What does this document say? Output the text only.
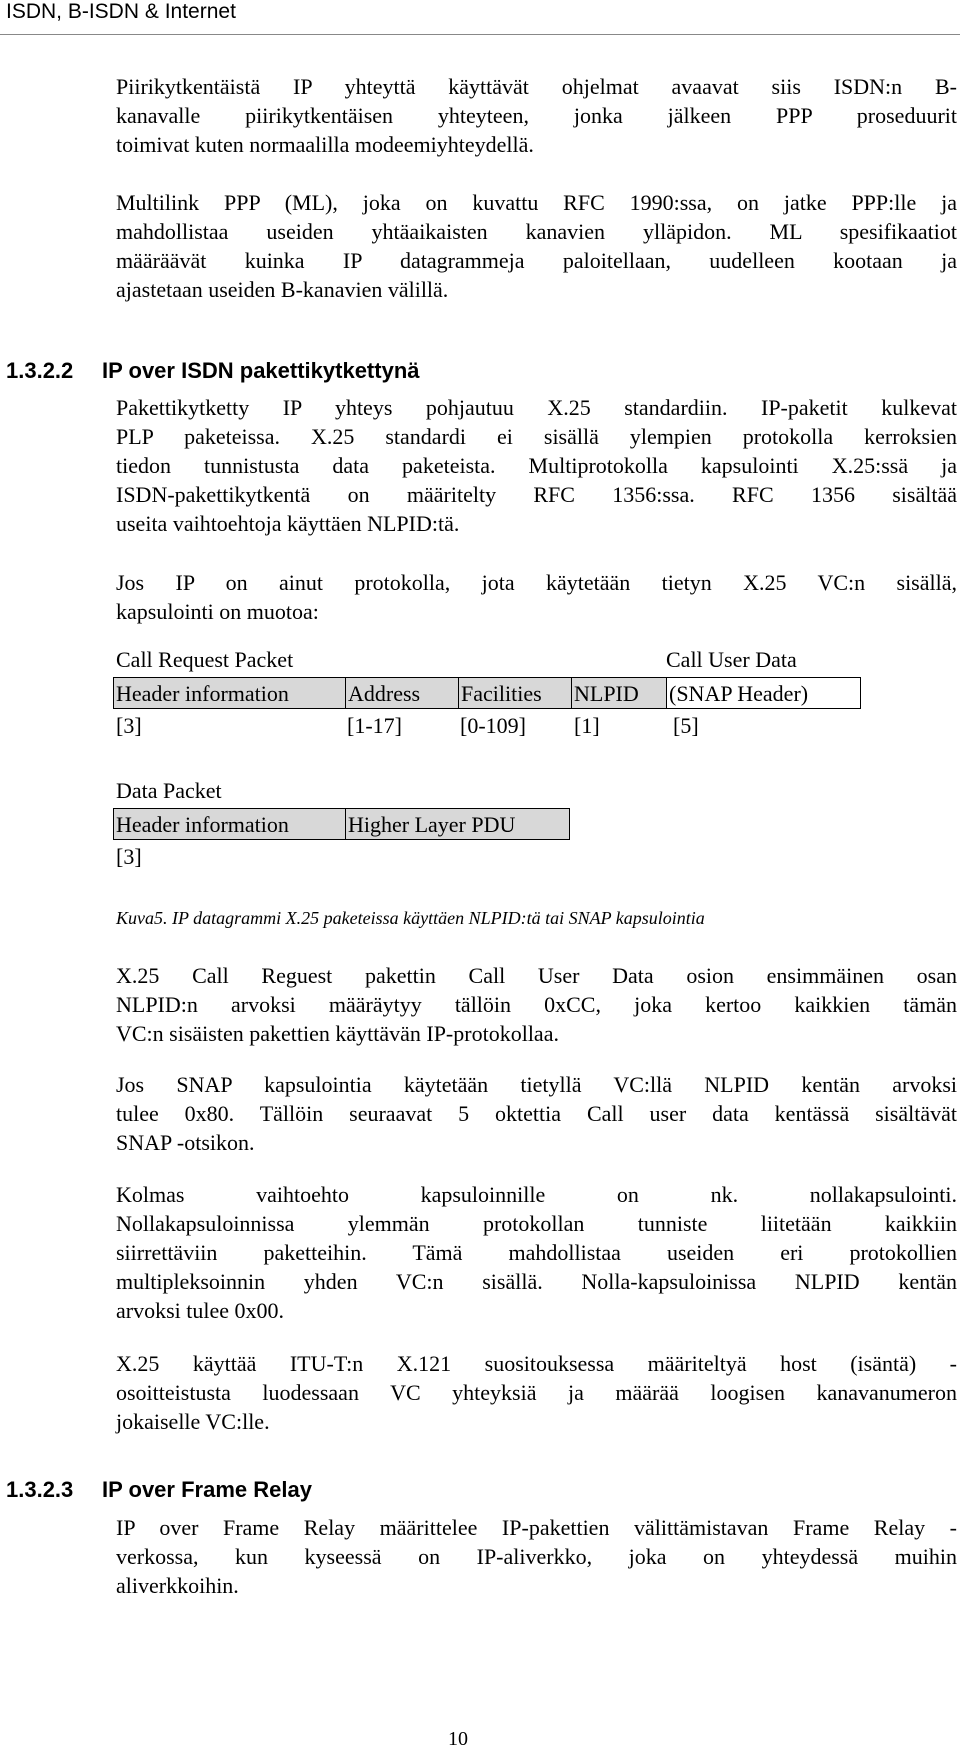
ISDN, B-ISDN & Internet
Piirikytkentäistä IP yhteyttä käyttävät ohjelmat avaavat siis ISDN:n B-
kanavalle piirikytkentäisen yhteyteen, jonka jälkeen PPP proseduurit
toimivat kuten normaalilla modeemiyhteydellä.
Multilink PPP (ML), joka on kuvattu RFC 1990:ssa, on jatke PPP:lle ja
mahdollistaa useiden yhtäaikaisten kanavien ylläpidon. ML spesifikaatiot
määräävät kuinka IP datagrammeja paloitellaan, uudelleen kootaan ja
ajastetaan useiden B-kanavien välillä.
1.3.2.2 IP over ISDN pakettikytkettynä
Pakettikytketty IP yhteys pohjautuu X.25 standardiin. IP-paketit kulkevat
PLP paketeissa. X.25 standardi ei sisällä ylempien protokolla kerroksien
tiedon tunnistusta data paketeista. Multiprotokolla kapsulointi X.25:ssä ja
ISDN-pakettikytkentä on määritelty RFC 1356:ssa. RFC 1356 sisältää
useita vaihtoehtoja käyttäen NLPID:tä.
Jos IP on ainut protokolla, jota käytetään tietyn X.25 VC:n sisällä,
kapsulointi on muotoa:
Call Request Packet	Call User Data
Header information	Address	Facilities	NLPID	(SNAP Header)
[3]	[1-17]	[0-109] [1]	[5]
Data Packet
Header information	Higher Layer PDU
[3]
Kuva5. IP datagrammi X.25 paketeissa käyttäen NLPID:tä tai SNAP kapsulointia
X.25 Call Reguest pakettin Call User Data osion ensimmäinen osan
NLPID:n arvoksi määräytyy tällöin 0xCC, joka kertoo kaikkien tämän
VC:n sisäisten pakettien käyttävän IP-protokollaa.
Jos SNAP kapsulointia käytetään tietyllä VC:llä NLPID kentän arvoksi
tulee 0x80. Tällöin seuraavat 5 oktettia Call user data kentässä sisältävät
SNAP -otsikon.
Kolmas vaihtoehto kapsuloinnille on nk. nollakapsulointi.
Nollakapsuloinnissa ylemmän protokollan tunniste liitetään kaikkiin
siirrettäviin paketteihin. Tämä mahdollistaa useiden eri protokollien
multipleksoinnin yhden VC:n sisällä. Nolla-kapsuloinissa NLPID kentän
arvoksi tulee 0x00.
X.25 käyttää ITU-T:n X.121 suositouksessa määriteltyä host (isäntä) -
osoitteistusta luodessaan VC yhteyksiä ja määrää loogisen kanavanumeron
jokaiselle VC:lle.
1.3.2.3 IP over Frame Relay
IP over Frame Relay määrittelee IP-pakettien välittämistavan Frame Relay -
verkossa, kun kyseessä on IP-aliverkko, joka on yhteydessä muihin
aliverkkoihin.
10
